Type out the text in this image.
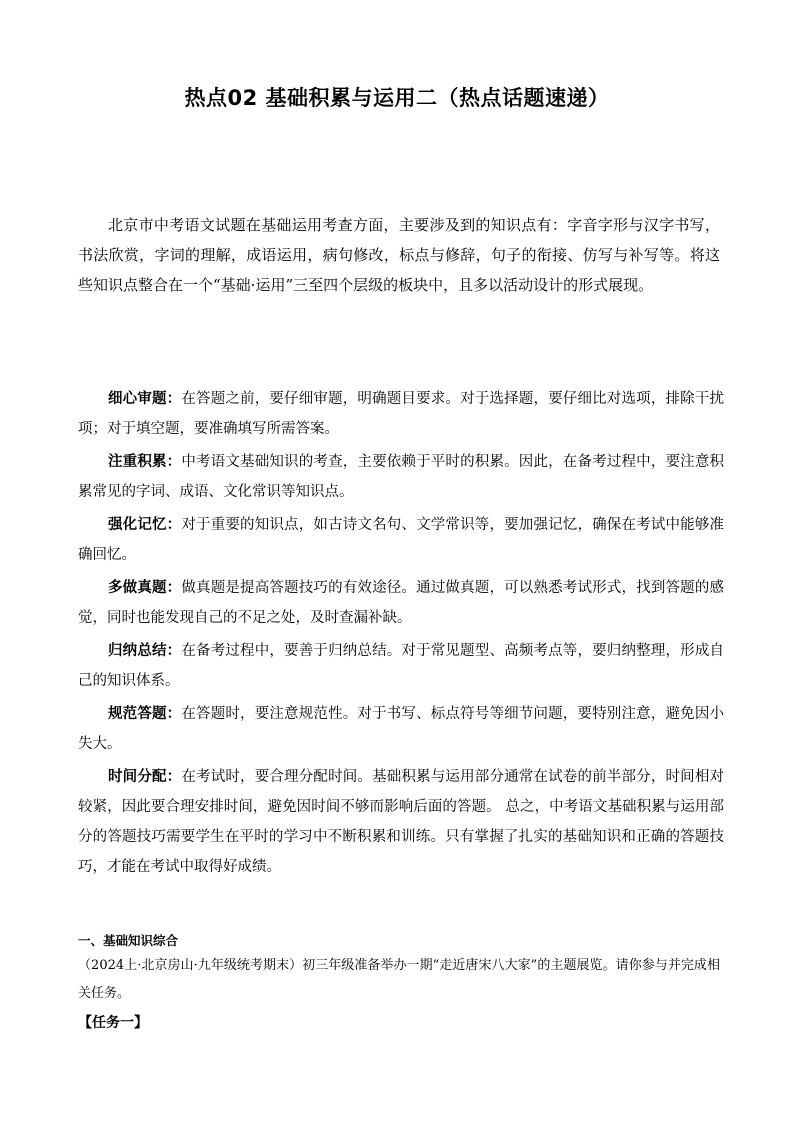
热点02 基础积累与运用二（热点话题速递）

北京市中考语文试题在基础运用考查方面，主要涉及到的知识点有：字音字形与汉字书写，书法欣赏，字词的理解，成语运用，病句修改，标点与修辞，句子的衔接、仿写与补写等。将这些知识点整合在一个“基础·运用”三至四个层级的板块中，且多以活动设计的形式展现。

细心审题：在答题之前，要仔细审题，明确题目要求。对于选择题，要仔细比对选项，排除干扰项；对于填空题，要准确填写所需答案。

注重积累：中考语文基础知识的考查，主要依赖于平时的积累。因此，在备考过程中，要注意积累常见的字词、成语、文化常识等知识点。

强化记忆：对于重要的知识点，如古诗文名句、文学常识等，要加强记忆，确保在考试中能够准确回忆。

多做真题：做真题是提高答题技巧的有效途径。通过做真题，可以熟悉考试形式，找到答题的感觉，同时也能发现自己的不足之处，及时查漏补缺。

归纳总结：在备考过程中，要善于归纳总结。对于常见题型、高频考点等，要归纳整理，形成自己的知识体系。

规范答题：在答题时，要注意规范性。对于书写、标点符号等细节问题，要特别注意，避免因小失大。

时间分配：在考试时，要合理分配时间。基础积累与运用部分通常在试卷的前半部分，时间相对较紧，因此要合理安排时间，避免因时间不够而影响后面的答题。 总之，中考语文基础积累与运用部分的答题技巧需要学生在平时的学习中不断积累和训练。只有掌握了扎实的基础知识和正确的答题技巧，才能在考试中取得好成绩。

一、基础知识综合

（2024上·北京房山·九年级统考期末）初三年级准备举办一期“走近唐宋八大家”的主题展览。请你参与并完成相关任务。

【任务一】
